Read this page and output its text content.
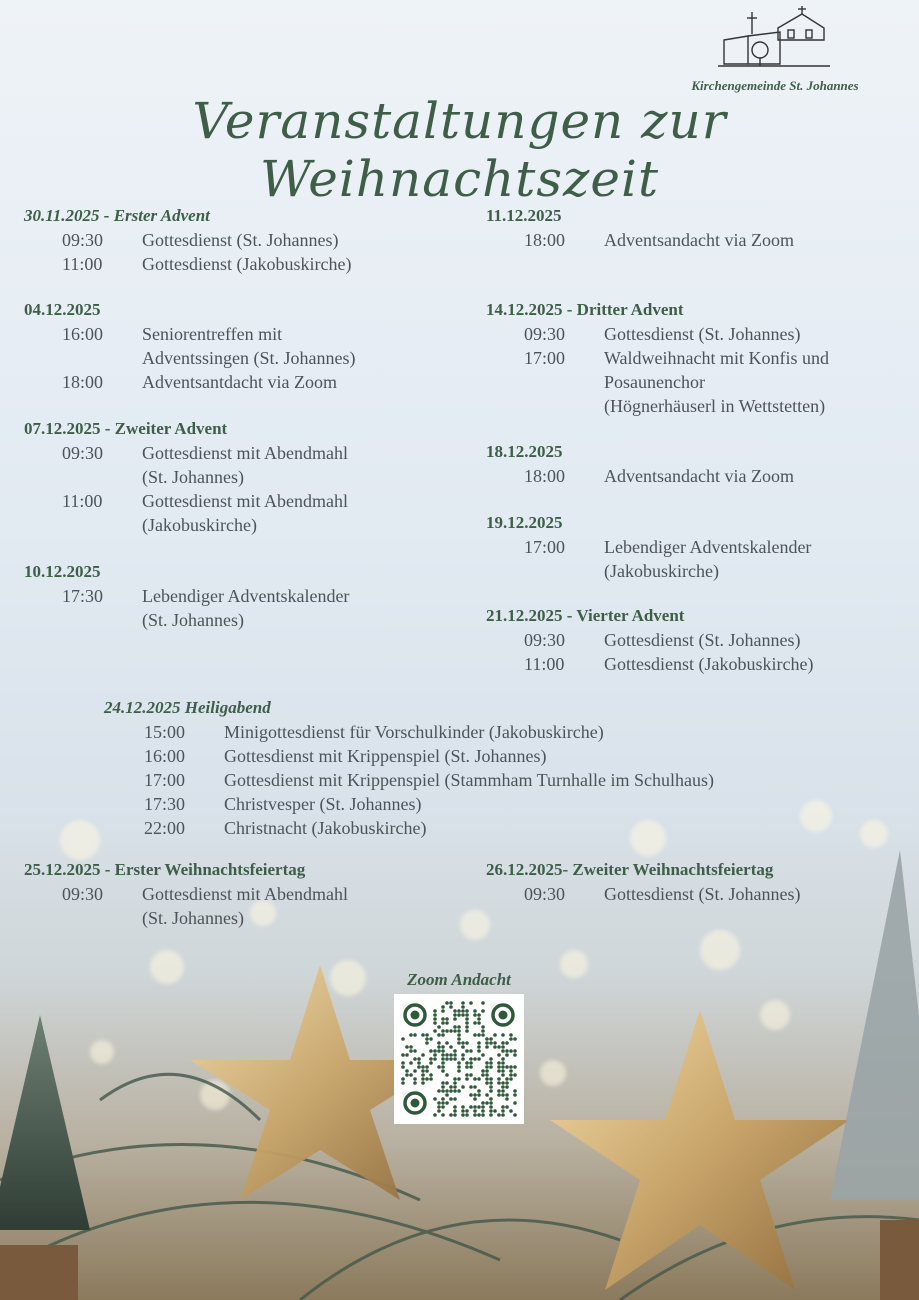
Kirchengemeinde St. Johannes
Veranstaltungen zur Weihnachtszeit
30.11.2025 - Erster Advent
09:30	Gottesdienst (St. Johannes)
11:00	Gottesdienst (Jakobuskirche)
04.12.2025
16:00	Seniorentreffen mit
Adventssingen (St. Johannes)
18:00	Adventsantdacht via Zoom
07.12.2025 - Zweiter Advent
09:30	Gottesdienst mit Abendmahl
(St. Johannes)
11:00	Gottesdienst mit Abendmahl
(Jakobuskirche)
10.12.2025
17:30	Lebendiger Adventskalender
(St. Johannes)
11.12.2025
18:00	Adventsandacht via Zoom
14.12.2025 - Dritter Advent
09:30	Gottesdienst (St. Johannes)
17:00	Waldweihnacht mit Konfis und
Posaunenchor
(Högnerhäuserl in Wettstetten)
18.12.2025
18:00	Adventsandacht via Zoom
19.12.2025
17:00	Lebendiger Adventskalender
(Jakobuskirche)
21.12.2025 - Vierter Advent
09:30	Gottesdienst (St. Johannes)
11:00	Gottesdienst (Jakobuskirche)
24.12.2025 Heiligabend
15:00	Minigottesdienst für Vorschulkinder (Jakobuskirche)
16:00	Gottesdienst mit Krippenspiel (St. Johannes)
17:00	Gottesdienst mit Krippenspiel (Stammham Turnhalle im Schulhaus)
17:30	Christvesper (St. Johannes)
22:00	Christnacht (Jakobuskirche)
25.12.2025 - Erster Weihnachtsfeiertag
09:30	Gottesdienst mit Abendmahl
(St. Johannes)
26.12.2025- Zweiter Weihnachtsfeiertag
09:30	Gottesdienst (St. Johannes)
Zoom Andacht
